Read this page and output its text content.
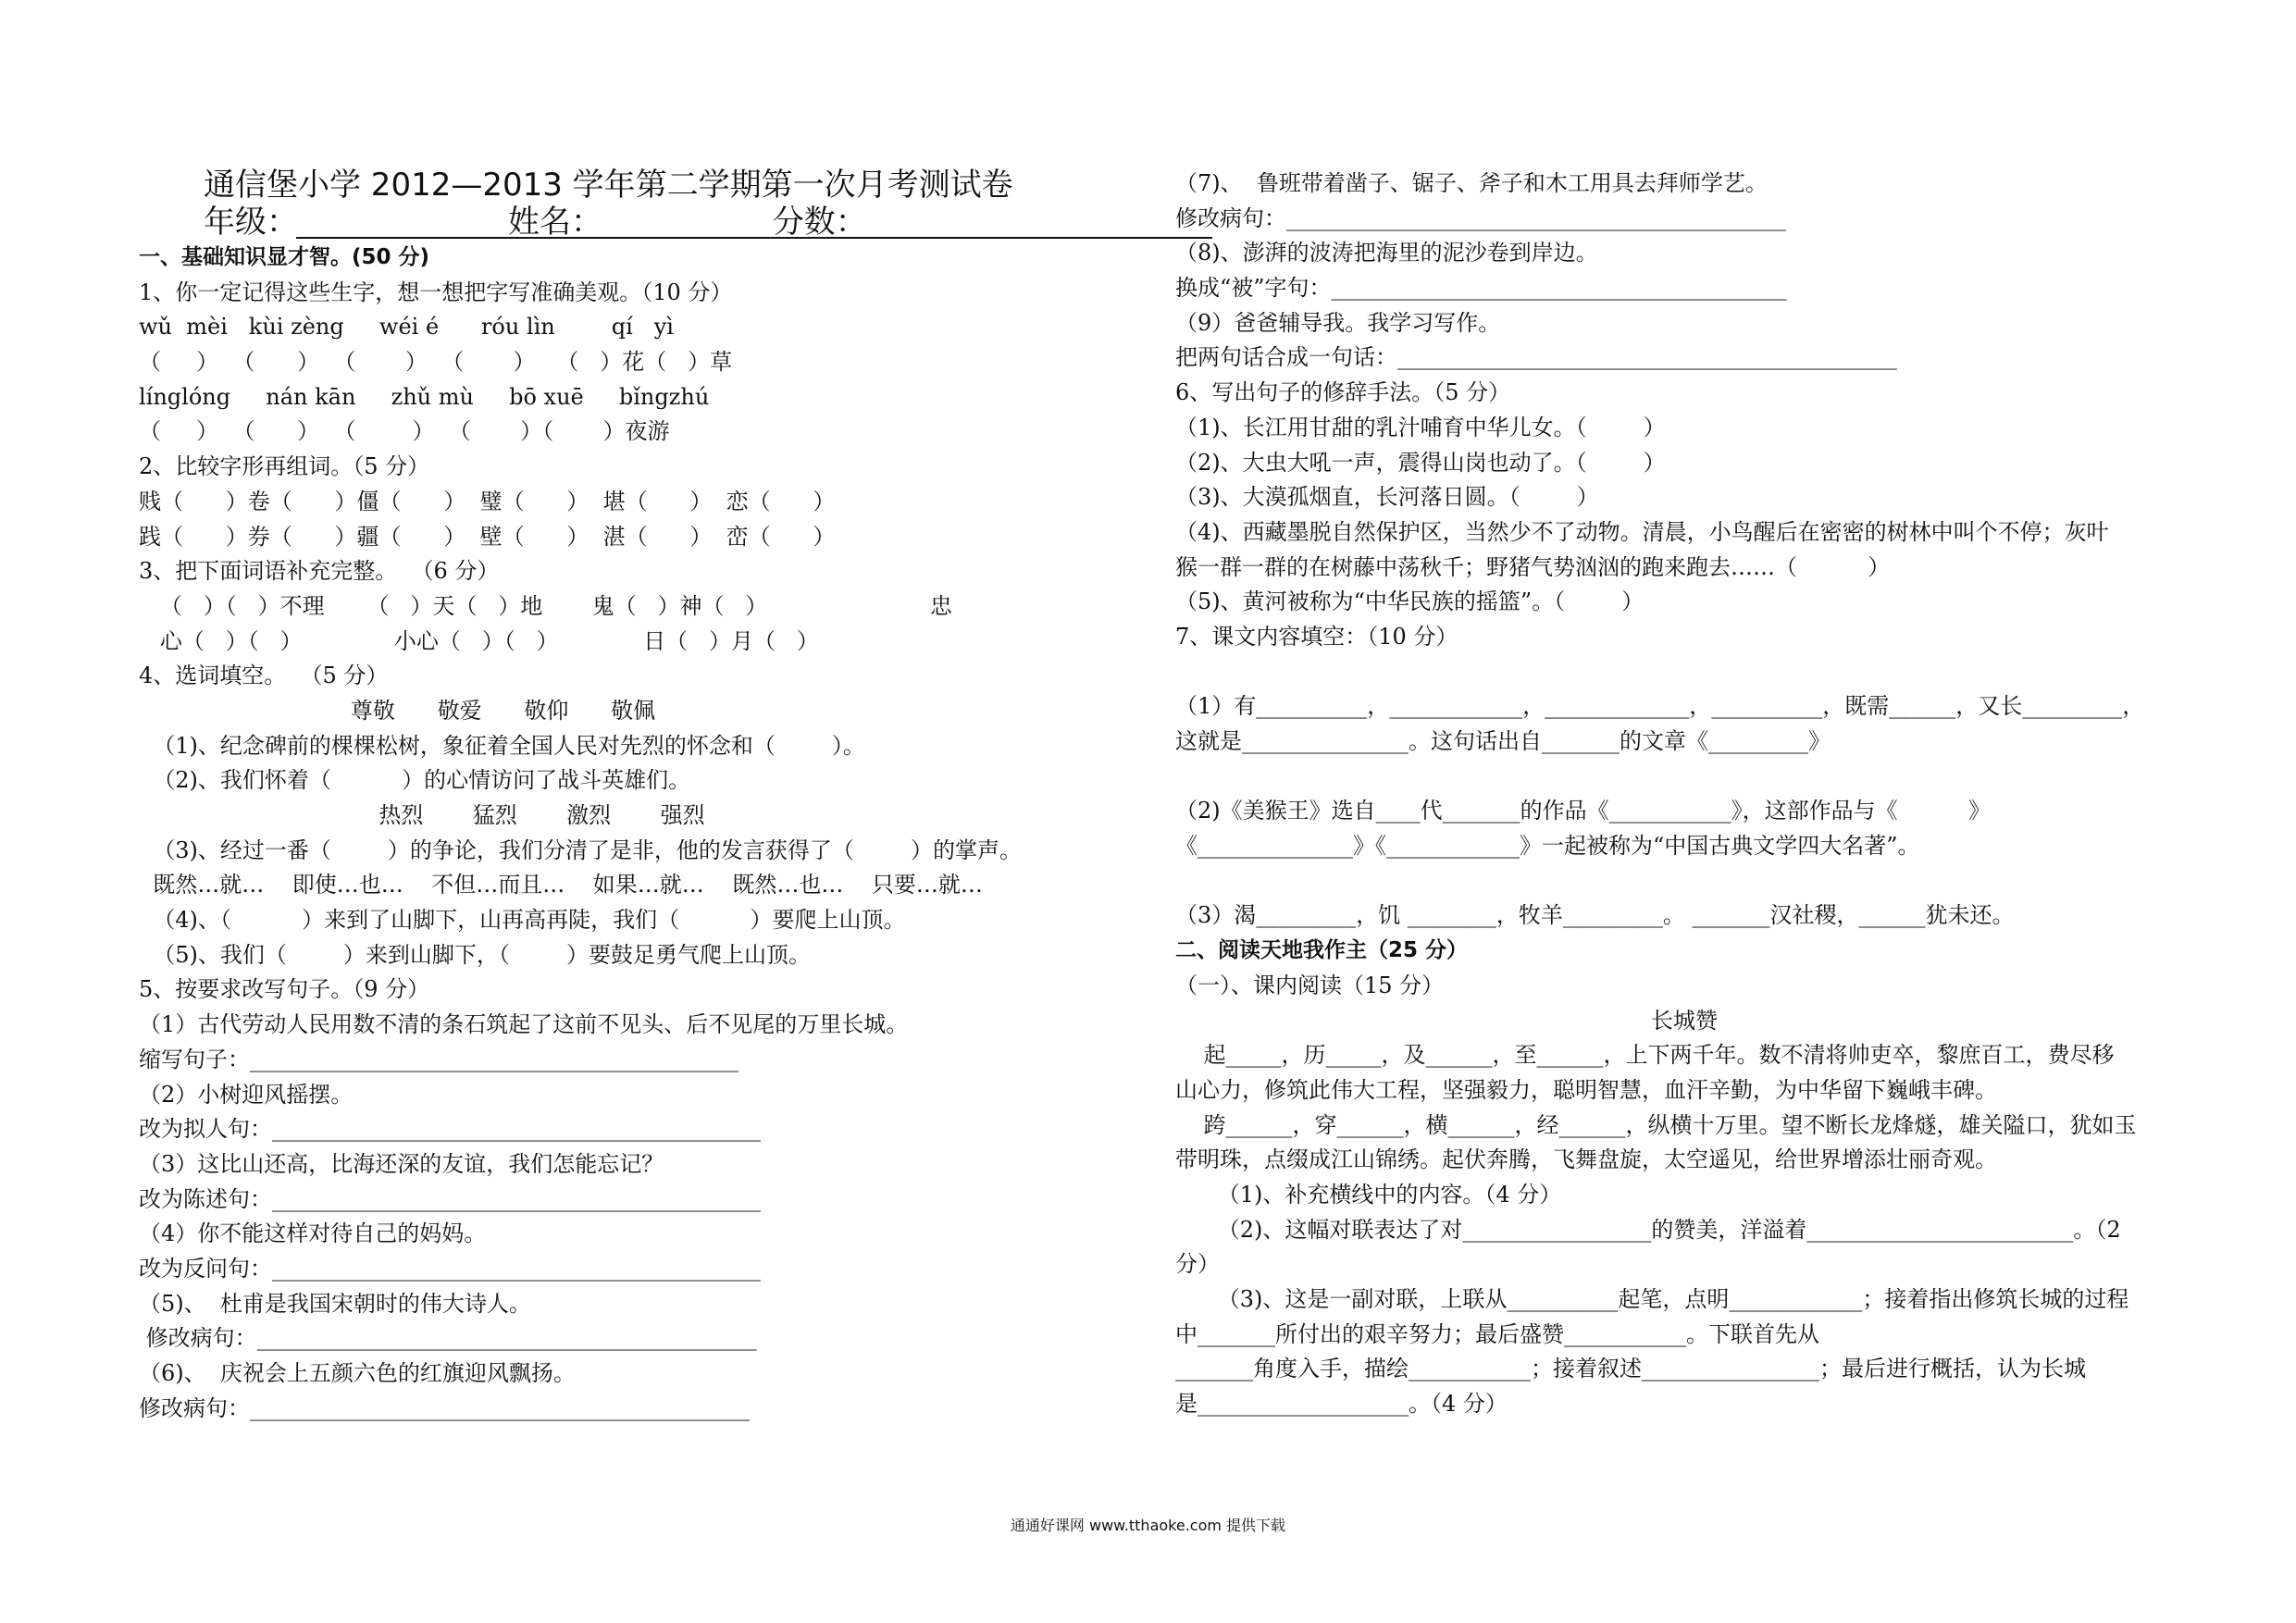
通信堡小学 2012—2013 学年第二学期第一次月考测试卷
年级：                     姓名：                 分数：
一、基础知识显才智。(50 分)
1、你一定记得这些生字，想一想把字写准确美观。（10 分）
wǔ  mèi   kùi zèng     wéi é      róu lìn        qí   yì
（     ）  （      ）  （       ）  （       ）   （   ）花（   ）草
línglóng     nán kān     zhǔ mù     bō xuē     bǐngzhú
（     ）  （      ）  （        ）  （       ）（       ）夜游
2、比较字形再组词。（5 分）
贱（      ）卷（      ）僵（      ）  璧（      ）  堪（      ）  恋（      ）
践（      ）券（      ）疆（      ）  壁（      ）  湛（      ）  峦（      ）
3、把下面词语补充完整。  （6 分）
（   ）（   ）不理      （   ）天（   ）地       鬼（   ）神（   ）                       忠
心（   ）（   ）             小心（   ）（   ）            日（   ）月（   ）
4、选词填空。  （5 分）
尊敬      敬爱      敬仰      敬佩
（1)、纪念碑前的棵棵松树，象征着全国人民对先烈的怀念和（        ）。
（2)、我们怀着（          ）的心情访问了战斗英雄们。
热烈       猛烈       激烈       强烈
（3)、经过一番（        ）的争论，我们分清了是非，他的发言获得了（        ）的掌声。
既然…就…    即使…也…    不但…而且…    如果…就…    既然…也…    只要…就…
（4)、（          ）来到了山脚下，山再高再陡，我们（          ）要爬上山顶。
（5)、我们（        ）来到山脚下，（        ）要鼓足勇气爬上山顶。
5、按要求改写句子。（9 分）
（1）古代劳动人民用数不清的条石筑起了这前不见头、后不见尾的万里长城。
缩写句子：____________________________________________
（2）小树迎风摇摆。
改为拟人句：____________________________________________
（3）这比山还高，比海还深的友谊，我们怎能忘记？
改为陈述句：____________________________________________
（4）你不能这样对待自己的妈妈。
改为反问句：____________________________________________
（5)、  杜甫是我国宋朝时的伟大诗人。
修改病句：_____________________________________________
（6)、  庆祝会上五颜六色的红旗迎风飘扬。
修改病句：_____________________________________________
（7)、  鲁班带着凿子、锯子、斧子和木工用具去拜师学艺。
修改病句：_____________________________________________
（8)、澎湃的波涛把海里的泥沙卷到岸边。
换成“被”字句：_________________________________________
（9）爸爸辅导我。我学习写作。
把两句话合成一句话：_____________________________________________
6、写出句子的修辞手法。（5 分）
（1)、长江用甘甜的乳汁哺育中华儿女。（        ）
（2)、大虫大吼一声，震得山岗也动了。（        ）
（3)、大漠孤烟直，长河落日圆。（        ）
（4)、西藏墨脱自然保护区，当然少不了动物。清晨，小鸟醒后在密密的树林中叫个不停；灰叶
猴一群一群的在树藤中荡秋千；野猪气势汹汹的跑来跑去……（          ）
（5)、黄河被称为“中华民族的摇篮”。（        ）
7、课文内容填空：（10 分）
（1）有__________，____________，_____________，__________，既需______，又长_________，
这就是_______________。这句话出自_______的文章《_________》
（2)《美猴王》选自____代_______的作品《___________》，这部作品与《          》
《______________》《____________》一起被称为“中国古典文学四大名著”。
（3）渴_________，饥 ________，牧羊_________。 _______汉社稷，______犹未还。
二、阅读天地我作主（25 分）
（一）、课内阅读（15 分）
长城赞
起_____，历_____，及______，至______，上下两千年。数不清将帅吏卒，黎庶百工，费尽移
山心力，修筑此伟大工程，坚强毅力，聪明智慧，血汗辛勤，为中华留下巍峨丰碑。
跨______，穿______，横______，经______，纵横十万里。望不断长龙烽燧，雄关隘口，犹如玉
带明珠，点缀成江山锦绣。起伏奔腾，飞舞盘旋，太空遥见，给世界增添壮丽奇观。
（1)、补充横线中的内容。（4 分）
（2)、这幅对联表达了对_________________的赞美，洋溢着________________________。（2
分）
（3)、这是一副对联，上联从__________起笔，点明____________；接着指出修筑长城的过程
中_______所付出的艰辛努力；最后盛赞___________。下联首先从
_______角度入手，描绘___________；接着叙述________________；最后进行概括，认为长城
是___________________。（4 分）
通通好课网 www.tthaoke.com 提供下载
